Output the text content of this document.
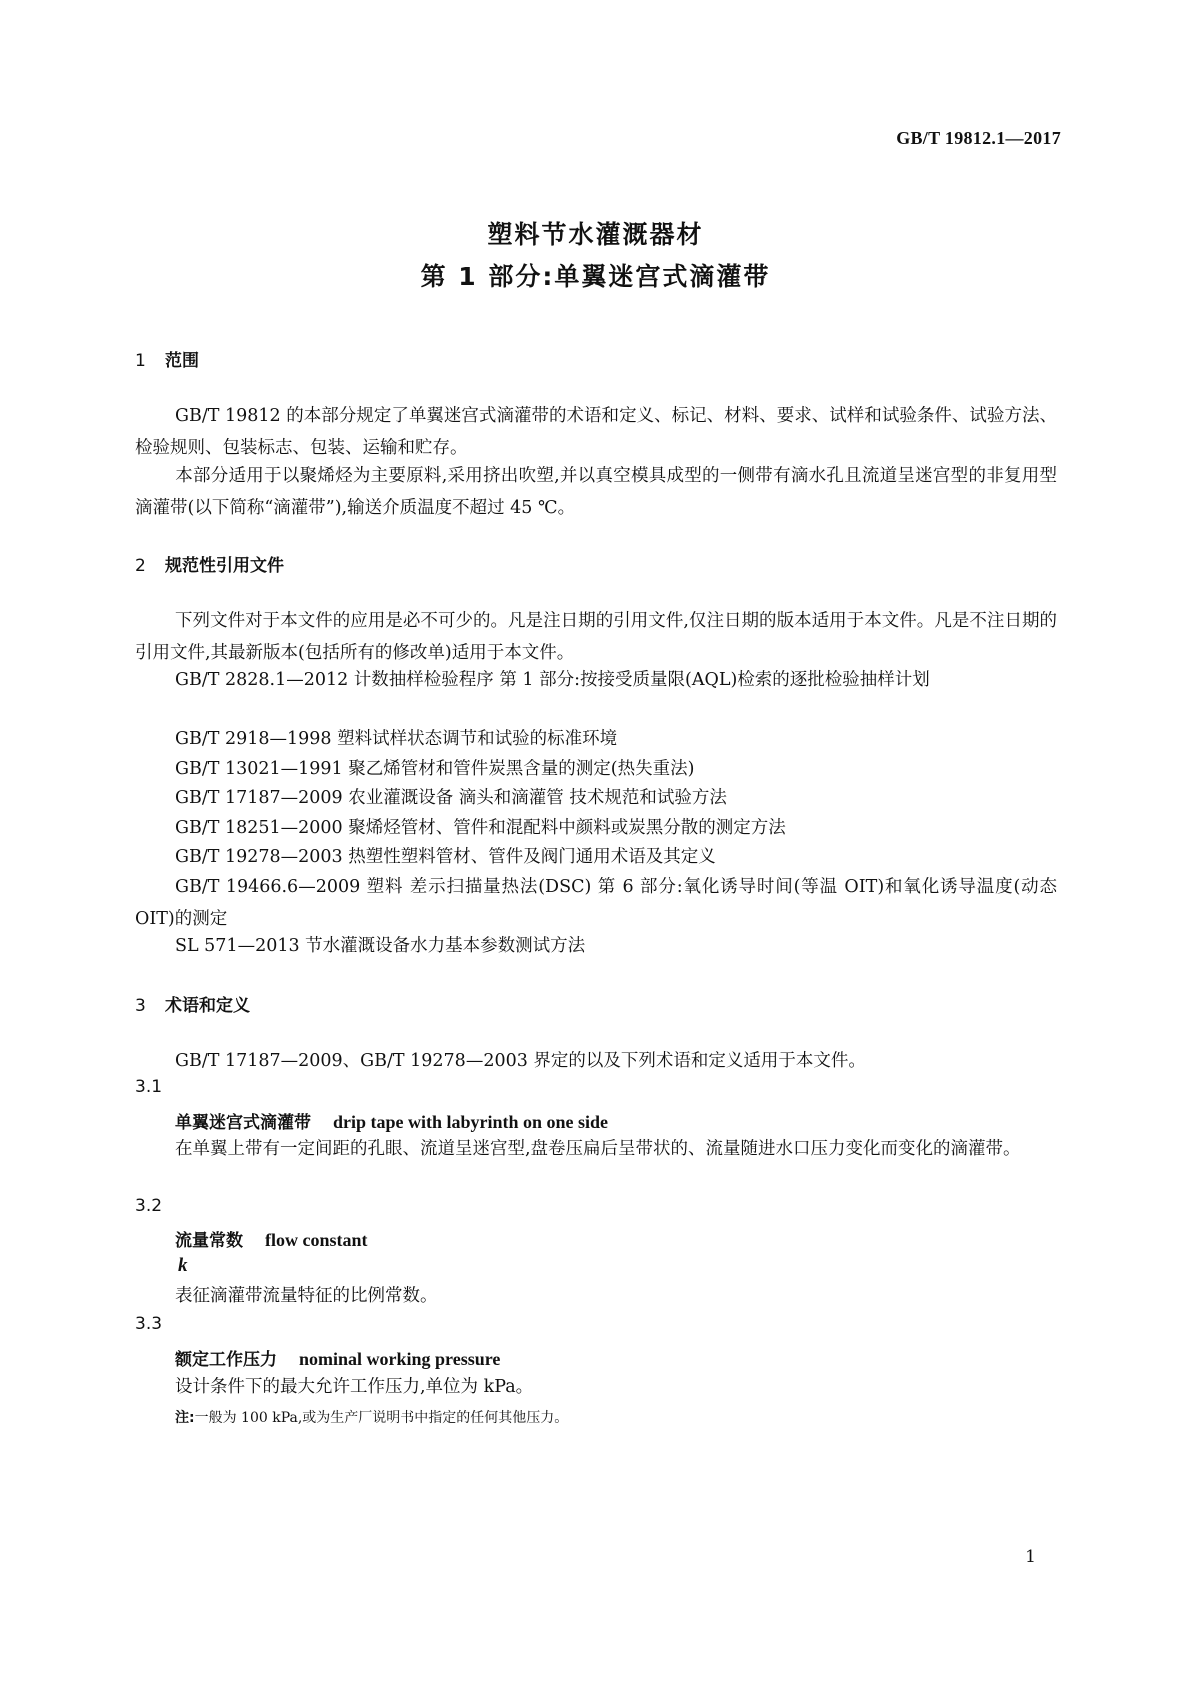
GB/T 19812.1—2017
塑料节水灌溉器材
第 1 部分:单翼迷宫式滴灌带
1 范围
GB/T 19812 的本部分规定了单翼迷宫式滴灌带的术语和定义、标记、材料、要求、试样和试验条件、试验方法、检验规则、包装标志、包装、运输和贮存。
本部分适用于以聚烯烃为主要原料,采用挤出吹塑,并以真空模具成型的一侧带有滴水孔且流道呈迷宫型的非复用型滴灌带(以下简称“滴灌带”),输送介质温度不超过 45 ℃。
2 规范性引用文件
下列文件对于本文件的应用是必不可少的。凡是注日期的引用文件,仅注日期的版本适用于本文件。凡是不注日期的引用文件,其最新版本(包括所有的修改单)适用于本文件。
GB/T 2828.1—2012 计数抽样检验程序 第 1 部分:按接受质量限(AQL)检索的逐批检验抽样计划
GB/T 2918—1998 塑料试样状态调节和试验的标准环境
GB/T 13021—1991 聚乙烯管材和管件炭黑含量的测定(热失重法)
GB/T 17187—2009 农业灌溉设备 滴头和滴灌管 技术规范和试验方法
GB/T 18251—2000 聚烯烃管材、管件和混配料中颜料或炭黑分散的测定方法
GB/T 19278—2003 热塑性塑料管材、管件及阀门通用术语及其定义
GB/T 19466.6—2009 塑料 差示扫描量热法(DSC) 第 6 部分:氧化诱导时间(等温 OIT)和氧化诱导温度(动态 OIT)的测定
SL 571—2013 节水灌溉设备水力基本参数测试方法
3 术语和定义
GB/T 17187—2009、GB/T 19278—2003 界定的以及下列术语和定义适用于本文件。
3.1
单翼迷宫式滴灌带 drip tape with labyrinth on one side
在单翼上带有一定间距的孔眼、流道呈迷宫型,盘卷压扁后呈带状的、流量随进水口压力变化而变化的滴灌带。
3.2
流量常数 flow constant
k
表征滴灌带流量特征的比例常数。
3.3
额定工作压力 nominal working pressure
设计条件下的最大允许工作压力,单位为 kPa。
注:一般为 100 kPa,或为生产厂说明书中指定的任何其他压力。
1
